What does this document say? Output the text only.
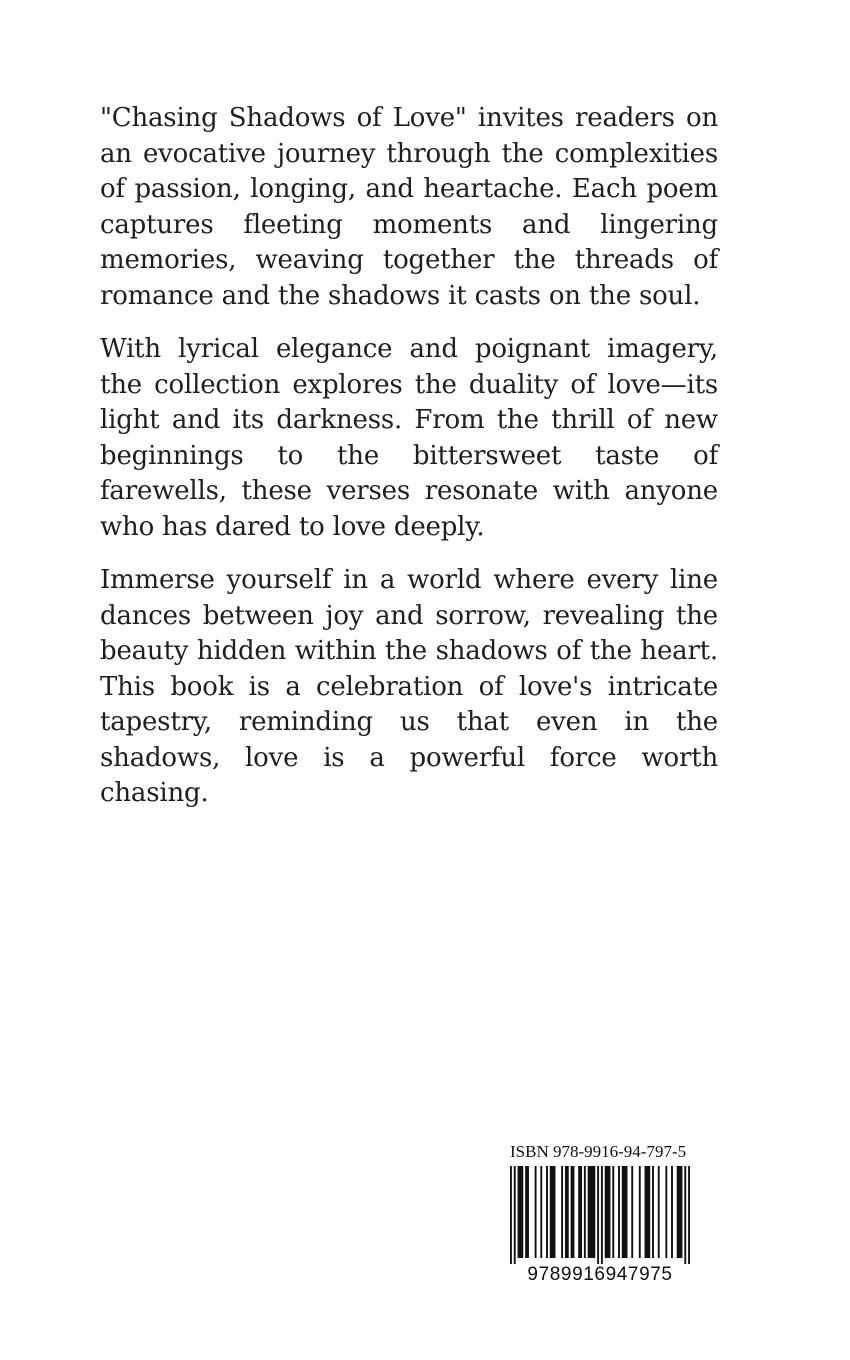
"Chasing Shadows of Love" invites readers on an evocative journey through the complexities of passion, longing, and heartache. Each poem captures fleeting moments and lingering memories, weaving together the threads of romance and the shadows it casts on the soul.

With lyrical elegance and poignant imagery, the collection explores the duality of love—its light and its darkness. From the thrill of new beginnings to the bittersweet taste of farewells, these verses resonate with anyone who has dared to love deeply.

Immerse yourself in a world where every line dances between joy and sorrow, revealing the beauty hidden within the shadows of the heart. This book is a celebration of love's intricate tapestry, reminding us that even in the shadows, love is a powerful force worth chasing.

ISBN 978-9916-94-797-5
9789916947975
